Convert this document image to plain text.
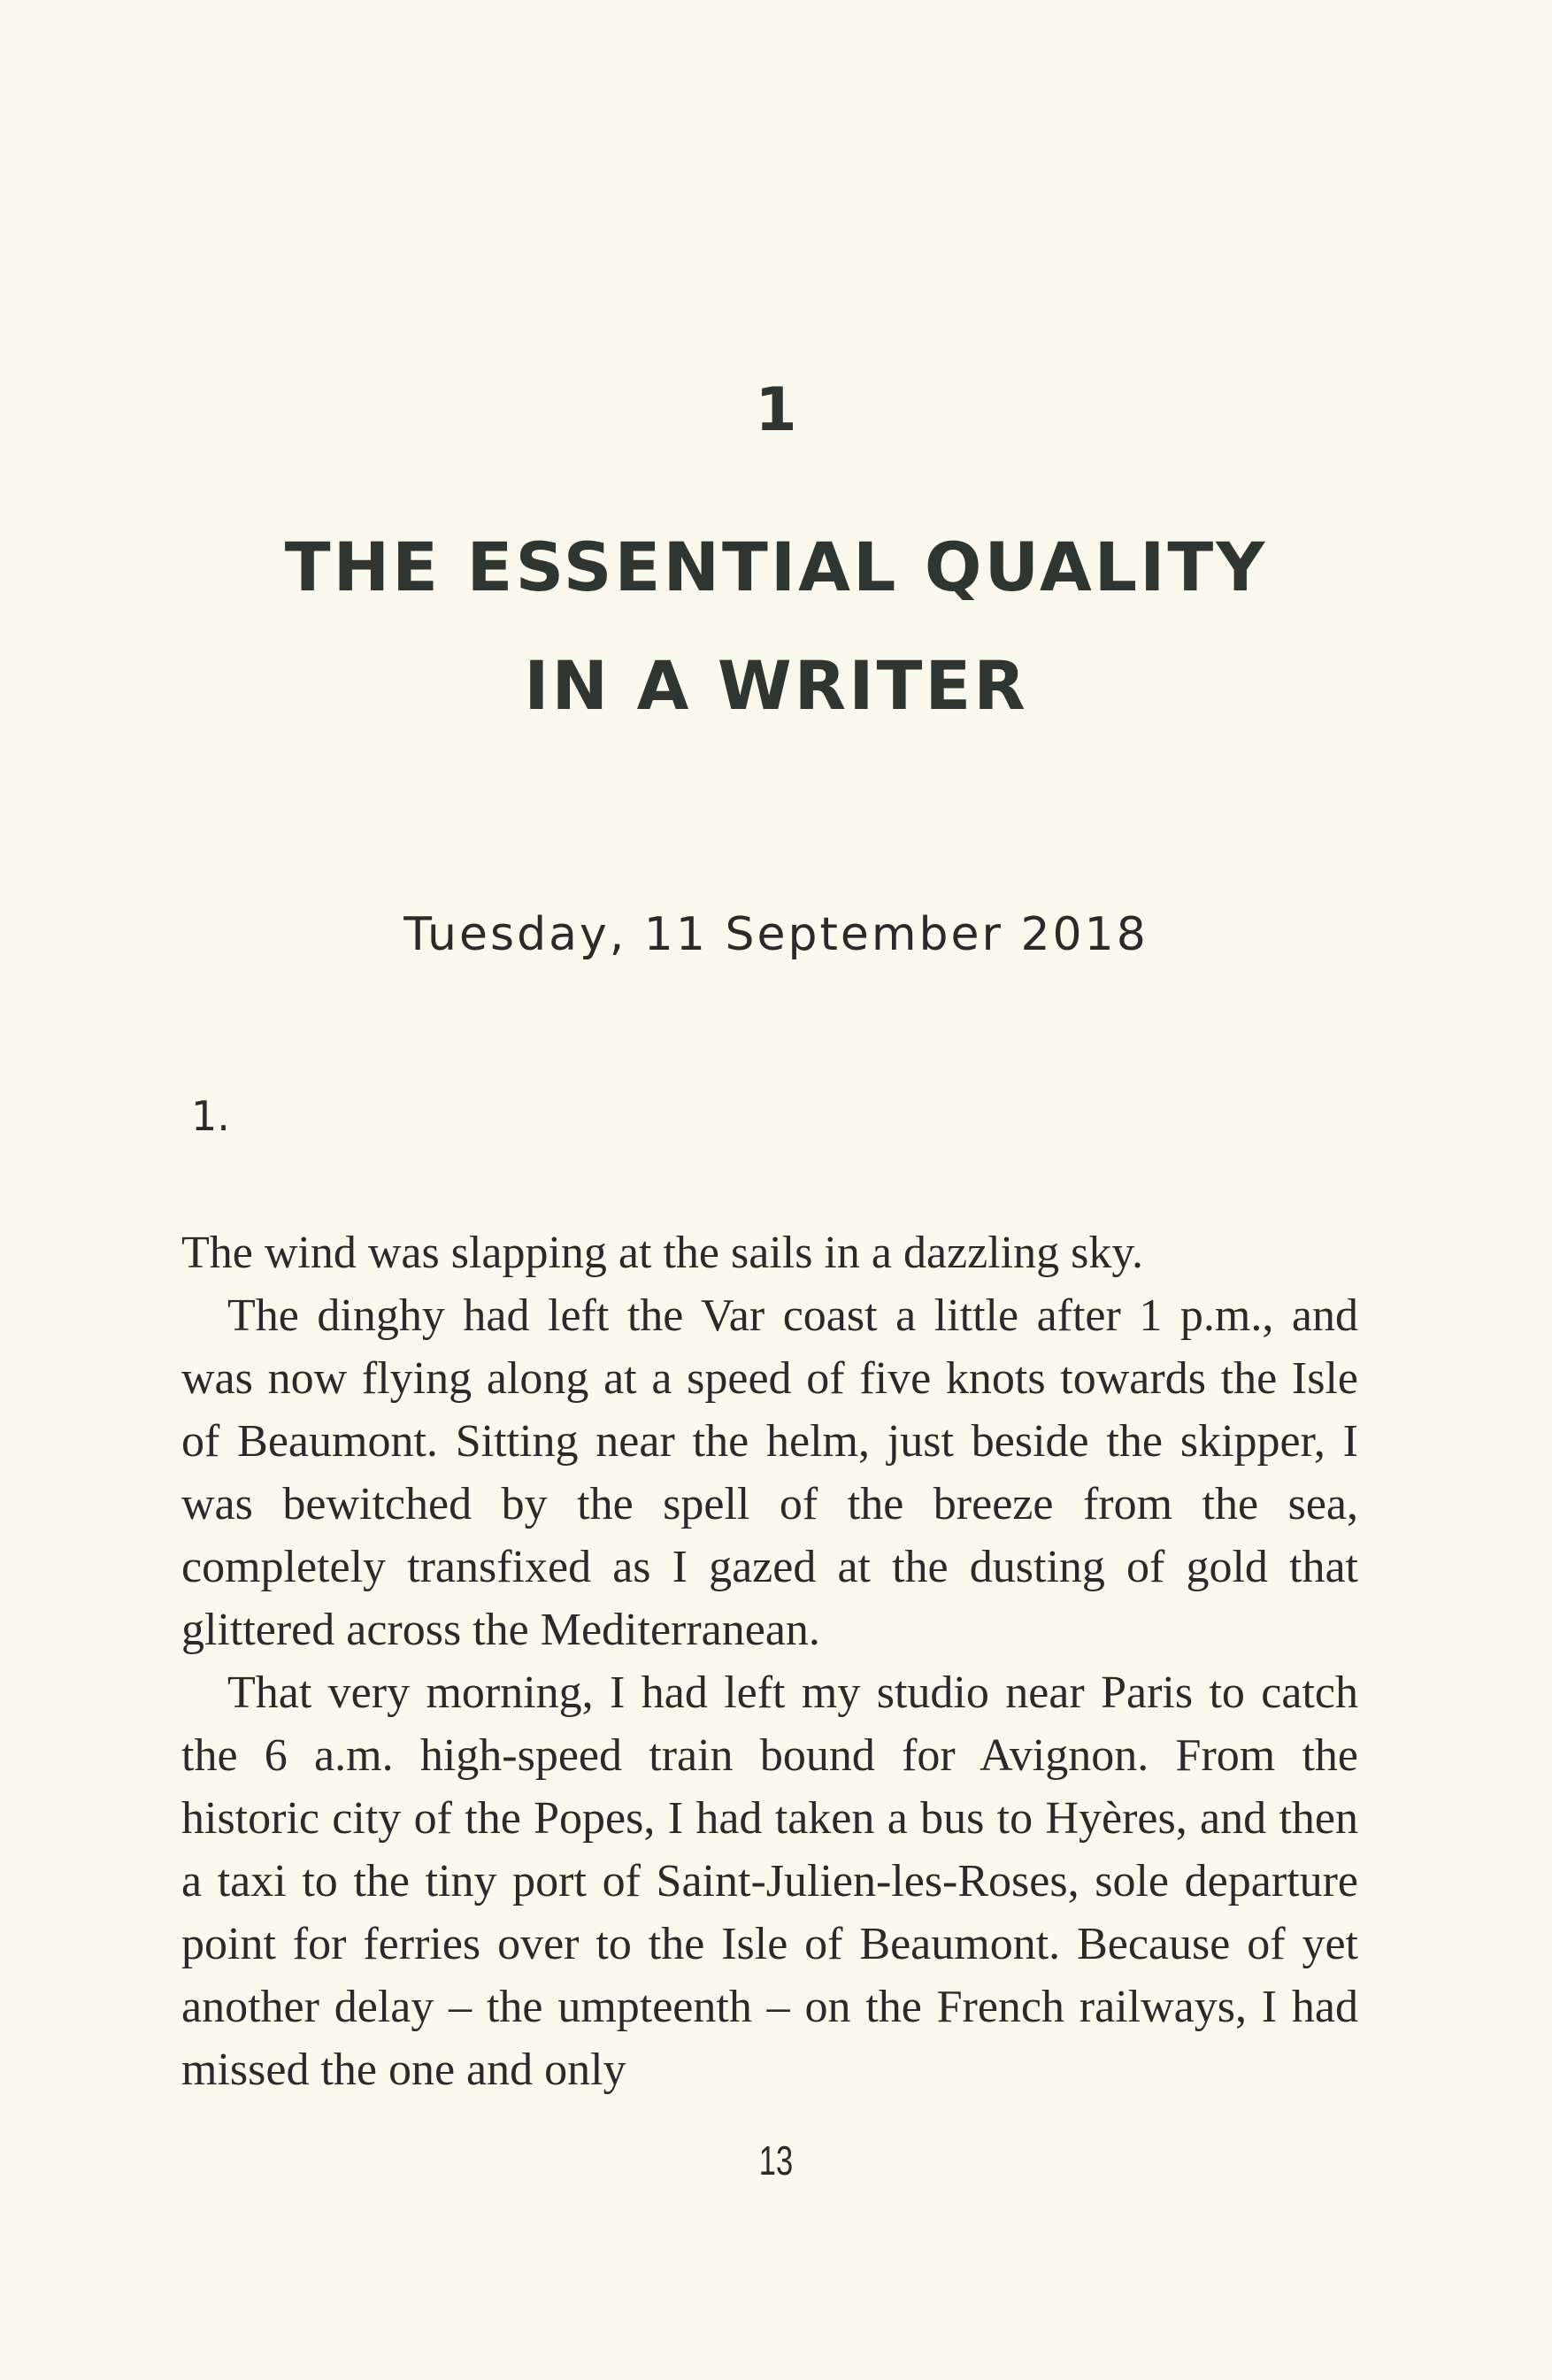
1
THE ESSENTIAL QUALITY
IN A WRITER
Tuesday, 11 September 2018
1.

The wind was slapping at the sails in a dazzling sky.

The dinghy had left the Var coast a little after 1 p.m., and was now flying along at a speed of five knots towards the Isle of Beaumont. Sitting near the helm, just beside the skipper, I was bewitched by the spell of the breeze from the sea, completely transfixed as I gazed at the dusting of gold that glittered across the Mediterranean.

That very morning, I had left my studio near Paris to catch the 6 a.m. high-speed train bound for Avignon. From the historic city of the Popes, I had taken a bus to Hyères, and then a taxi to the tiny port of Saint-Julien-les-Roses, sole departure point for ferries over to the Isle of Beaumont. Because of yet another delay – the umpteenth – on the French railways, I had missed the one and only

13
